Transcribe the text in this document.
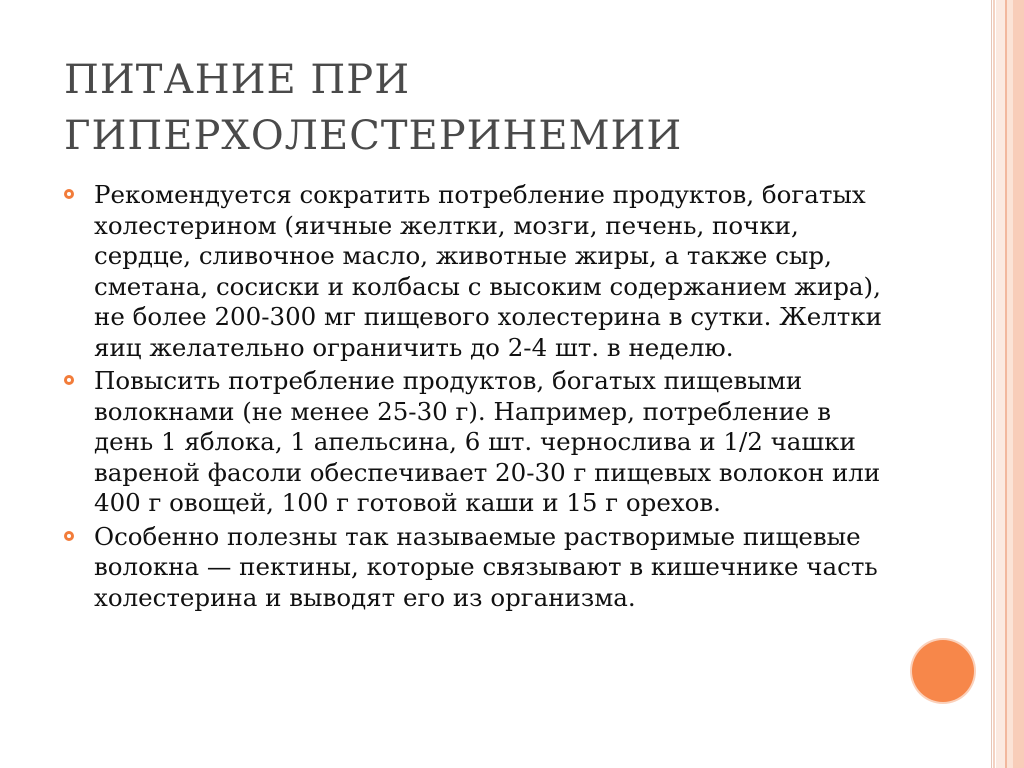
ПИТАНИЕ ПРИ ГИПЕРХОЛЕСТЕРИНЕМИИ
Рекомендуется сократить потребление продуктов, богатых холестерином (яичные желтки, мозги, печень, почки, сердце, сливочное масло, животные жиры, а также сыр, сметана, сосиски и колбасы с высоким содержанием жира), не более 200-300 мг пищевого холестерина в сутки. Желтки яиц желательно ограничить до 2-4 шт. в неделю.
Повысить потребление продуктов, богатых пищевыми волокнами (не менее 25-30 г). Например, потребление в день 1 яблока, 1 апельсина, 6 шт. чернослива и 1/2 чашки вареной фасоли обеспечивает 20-30 г пищевых волокон или 400 г овощей, 100 г готовой каши и 15 г орехов.
Особенно полезны так называемые растворимые пищевые волокна — пектины, которые связывают в кишечнике часть холестерина и выводят его из организма.
